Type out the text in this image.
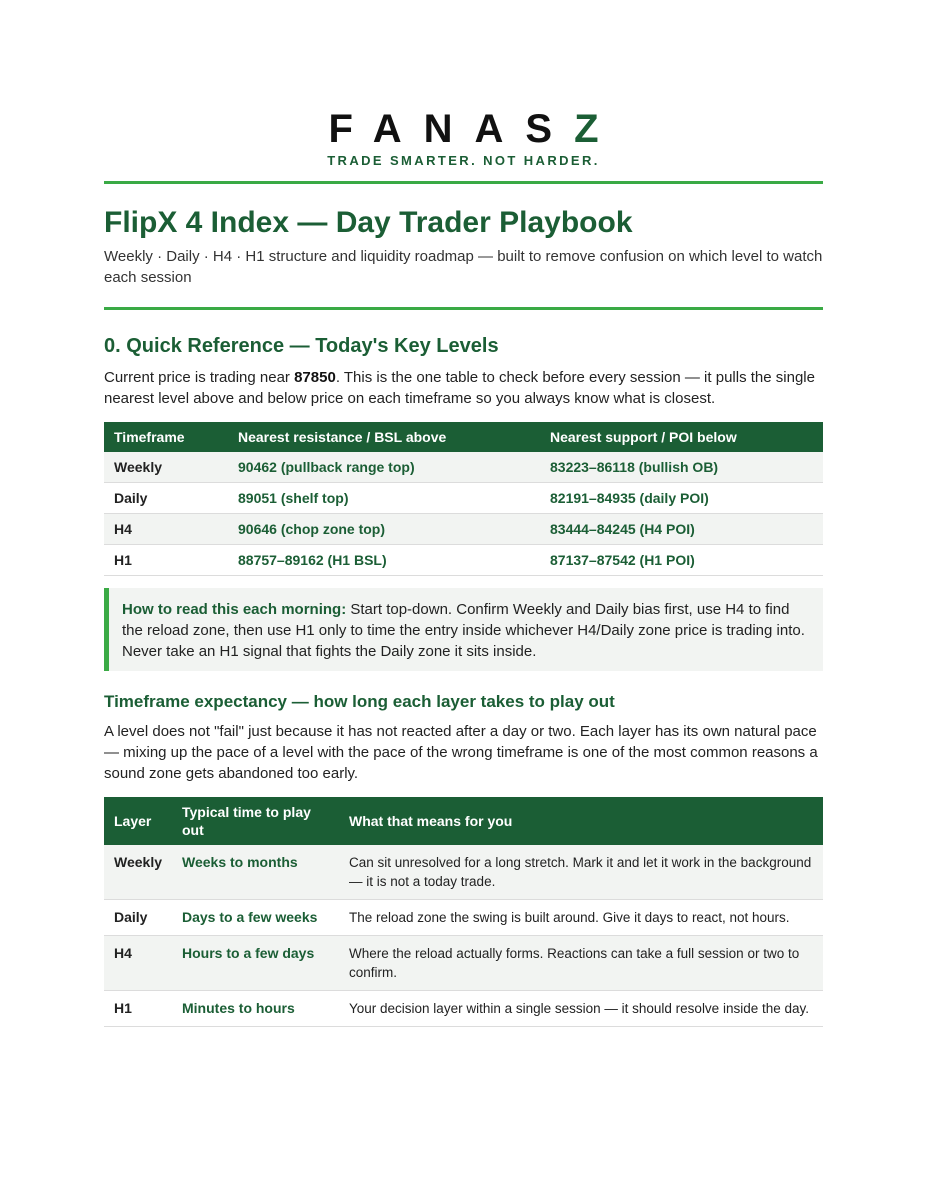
FANASZ
TRADE SMARTER. NOT HARDER.
FlipX 4 Index — Day Trader Playbook
Weekly · Daily · H4 · H1 structure and liquidity roadmap — built to remove confusion on which level to watch each session
0. Quick Reference — Today's Key Levels

Current price is trading near 87850. This is the one table to check before every session — it pulls the single nearest level above and below price on each timeframe so you always know what is closest.

Timeframe	Nearest resistance / BSL above	Nearest support / POI below
Weekly	90462 (pullback range top)	83223–86118 (bullish OB)
Daily	89051 (shelf top)	82191–84935 (daily POI)
H4	90646 (chop zone top)	83444–84245 (H4 POI)
H1	88757–89162 (H1 BSL)	87137–87542 (H1 POI)
How to read this each morning: Start top-down. Confirm Weekly and Daily bias first, use H4 to find the reload zone, then use H1 only to time the entry inside whichever H4/Daily zone price is trading into. Never take an H1 signal that fights the Daily zone it sits inside.
Timeframe expectancy — how long each layer takes to play out

A level does not "fail" just because it has not reacted after a day or two. Each layer has its own natural pace — mixing up the pace of a level with the pace of the wrong timeframe is one of the most common reasons a sound zone gets abandoned too early.

Layer	Typical time to play out	What that means for you
Weekly	Weeks to months	Can sit unresolved for a long stretch. Mark it and let it work in the background — it is not a today trade.
Daily	Days to a few weeks	The reload zone the swing is built around. Give it days to react, not hours.
H4	Hours to a few days	Where the reload actually forms. Reactions can take a full session or two to confirm.
H1	Minutes to hours	Your decision layer within a single session — it should resolve inside the day.
